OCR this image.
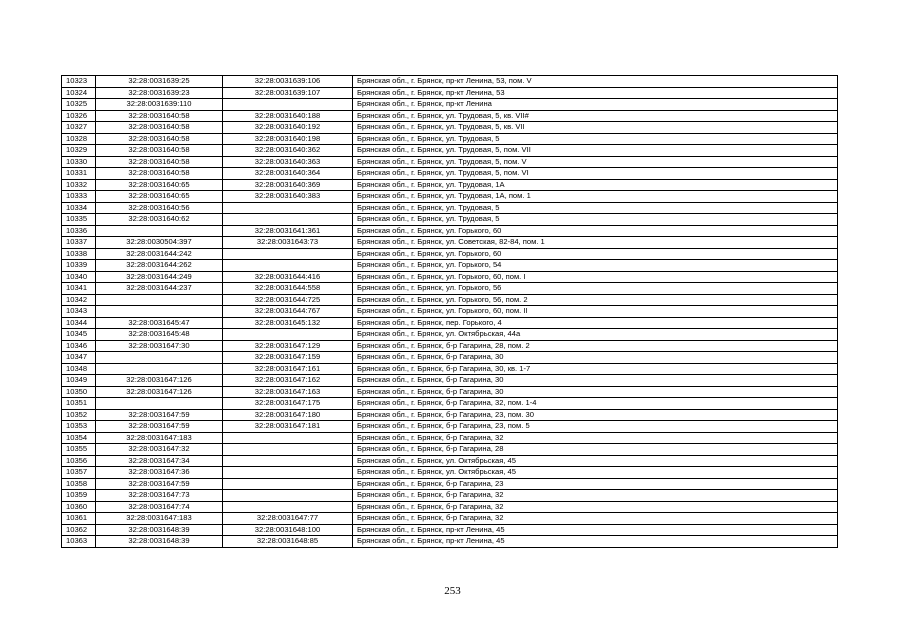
10323	32:28:0031639:25	32:28:0031639:106	Брянская обл., г. Брянск, пр-кт Ленина, 53, пом. V
10324	32:28:0031639:23	32:28:0031639:107	Брянская обл., г. Брянск, пр-кт Ленина, 53
10325	32:28:0031639:110		Брянская обл., г. Брянск, пр-кт Ленина
10326	32:28:0031640:58	32:28:0031640:188	Брянская обл., г. Брянск, ул. Трудовая, 5, кв. VII#
10327	32:28:0031640:58	32:28:0031640:192	Брянская обл., г. Брянск, ул. Трудовая, 5, кв. VII
10328	32:28:0031640:58	32:28:0031640:198	Брянская обл., г. Брянск, ул. Трудовая, 5
10329	32:28:0031640:58	32:28:0031640:362	Брянская обл., г. Брянск, ул. Трудовая, 5, пом. VII
10330	32:28:0031640:58	32:28:0031640:363	Брянская обл., г. Брянск, ул. Трудовая, 5, пом. V
10331	32:28:0031640:58	32:28:0031640:364	Брянская обл., г. Брянск, ул. Трудовая, 5, пом. VI
10332	32:28:0031640:65	32:28:0031640:369	Брянская обл., г. Брянск, ул. Трудовая, 1А
10333	32:28:0031640:65	32:28:0031640:383	Брянская обл., г. Брянск, ул. Трудовая, 1А, пом. 1
10334	32:28:0031640:56		Брянская обл., г. Брянск, ул. Трудовая, 5
10335	32:28:0031640:62		Брянская обл., г. Брянск, ул. Трудовая, 5
10336		32:28:0031641:361	Брянская обл., г. Брянск, ул. Горького, 60
10337	32:28:0030504:397	32:28:0031643:73	Брянская обл., г. Брянск, ул. Советская, 82-84, пом. 1
10338	32:28:0031644:242		Брянская обл., г. Брянск, ул. Горького, 60
10339	32:28:0031644:262		Брянская обл., г. Брянск, ул. Горького, 54
10340	32:28:0031644:249	32:28:0031644:416	Брянская обл., г. Брянск, ул. Горького, 60, пом. I
10341	32:28:0031644:237	32:28:0031644:558	Брянская обл., г. Брянск, ул. Горького, 56
10342		32:28:0031644:725	Брянская обл., г. Брянск, ул. Горького, 56, пом. 2
10343		32:28:0031644:767	Брянская обл., г. Брянск, ул. Горького, 60, пом. II
10344	32:28:0031645:47	32:28:0031645:132	Брянская обл., г. Брянск, пер. Горького, 4
10345	32:28:0031645:48		Брянская обл., г. Брянск, ул. Октябрьская, 44а
10346	32:28:0031647:30	32:28:0031647:129	Брянская обл., г. Брянск, б-р Гагарина, 28, пом. 2
10347		32:28:0031647:159	Брянская обл., г. Брянск, б-р Гагарина, 30
10348		32:28:0031647:161	Брянская обл., г. Брянск, б-р Гагарина, 30, кв. 1-7
10349	32:28:0031647:126	32:28:0031647:162	Брянская обл., г. Брянск, б-р Гагарина, 30
10350	32:28:0031647:126	32:28:0031647:163	Брянская обл., г. Брянск, б-р Гагарина, 30
10351		32:28:0031647:175	Брянская обл., г. Брянск, б-р Гагарина, 32, пом. 1-4
10352	32:28:0031647:59	32:28:0031647:180	Брянская обл., г. Брянск, б-р Гагарина, 23, пом. 30
10353	32:28:0031647:59	32:28:0031647:181	Брянская обл., г. Брянск, б-р Гагарина, 23, пом. 5
10354	32:28:0031647:183		Брянская обл., г. Брянск, б-р Гагарина, 32
10355	32:28:0031647:32		Брянская обл., г. Брянск, б-р Гагарина, 28
10356	32:28:0031647:34		Брянская обл., г. Брянск, ул. Октябрьская, 45
10357	32:28:0031647:36		Брянская обл., г. Брянск, ул. Октябрьская, 45
10358	32:28:0031647:59		Брянская обл., г. Брянск, б-р Гагарина, 23
10359	32:28:0031647:73		Брянская обл., г. Брянск, б-р Гагарина, 32
10360	32:28:0031647:74		Брянская обл., г. Брянск, б-р Гагарина, 32
10361	32:28:0031647:183	32:28:0031647:77	Брянская обл., г. Брянск, б-р Гагарина, 32
10362	32:28:0031648:39	32:28:0031648:100	Брянская обл., г. Брянск, пр-кт Ленина, 45
10363	32:28:0031648:39	32:28:0031648:85	Брянская обл., г. Брянск, пр-кт Ленина, 45
253
